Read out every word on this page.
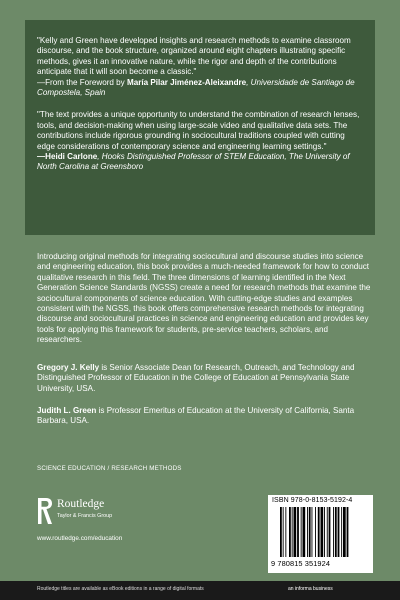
"Kelly and Green have developed insights and research methods to examine classroom discourse, and the book structure, organized around eight chapters illustrating specific methods, gives it an innovative nature, while the rigor and depth of the contributions anticipate that it will soon become a classic."
—From the Foreword by María Pilar Jiménez-Aleixandre, Universidade de Santiago de Compostela, Spain

"The text provides a unique opportunity to understand the combination of research lenses, tools, and decision-making when using large-scale video and qualitative data sets. The contributions include rigorous grounding in sociocultural traditions coupled with cutting edge considerations of contemporary science and engineering learning settings."
—Heidi Carlone, Hooks Distinguished Professor of STEM Education, The University of North Carolina at Greensboro

Introducing original methods for integrating sociocultural and discourse studies into science and engineering education, this book provides a much-needed framework for how to conduct qualitative research in this field. The three dimensions of learning identified in the Next Generation Science Standards (NGSS) create a need for research methods that examine the sociocultural components of science education. With cutting-edge studies and examples consistent with the NGSS, this book offers comprehensive research methods for integrating discourse and sociocultural practices in science and engineering education and provides key tools for applying this framework for students, pre-service teachers, scholars, and researchers.

Gregory J. Kelly is Senior Associate Dean for Research, Outreach, and Technology and Distinguished Professor of Education in the College of Education at Pennsylvania State University, USA.

Judith L. Green is Professor Emeritus of Education at the University of California, Santa Barbara, USA.

SCIENCE EDUCATION / RESEARCH METHODS
Routledge
Taylor & Francis Group
www.routledge.com/education
ISBN 978-0-8153-5192-4
9 780815 351924
Routledge titles are available as eBook editions in a range of digital formats	an informa business
